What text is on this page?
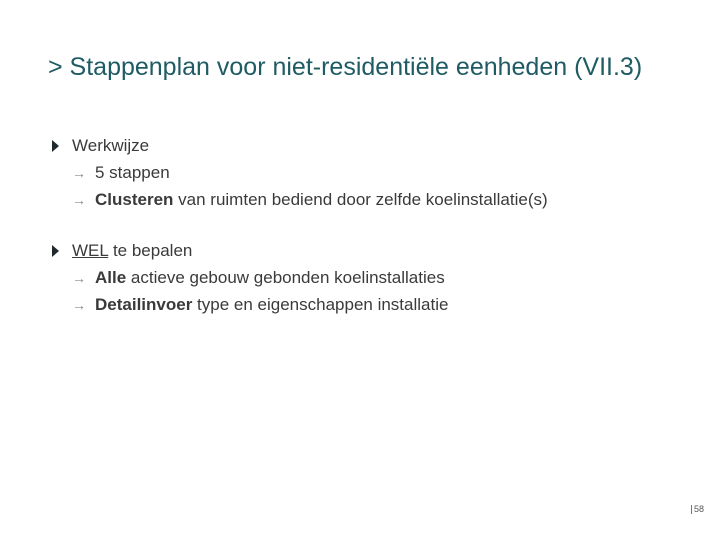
> Stappenplan voor niet-residentiële eenheden (VII.3)
Werkwijze
→ 5 stappen
→ Clusteren
van ruimten bediend door zelfde koelinstallatie(s)
WEL te bepalen
→ Alle
actieve gebouw gebonden koelinstallaties
→ Detailinvoer
type en eigenschappen installatie
58
